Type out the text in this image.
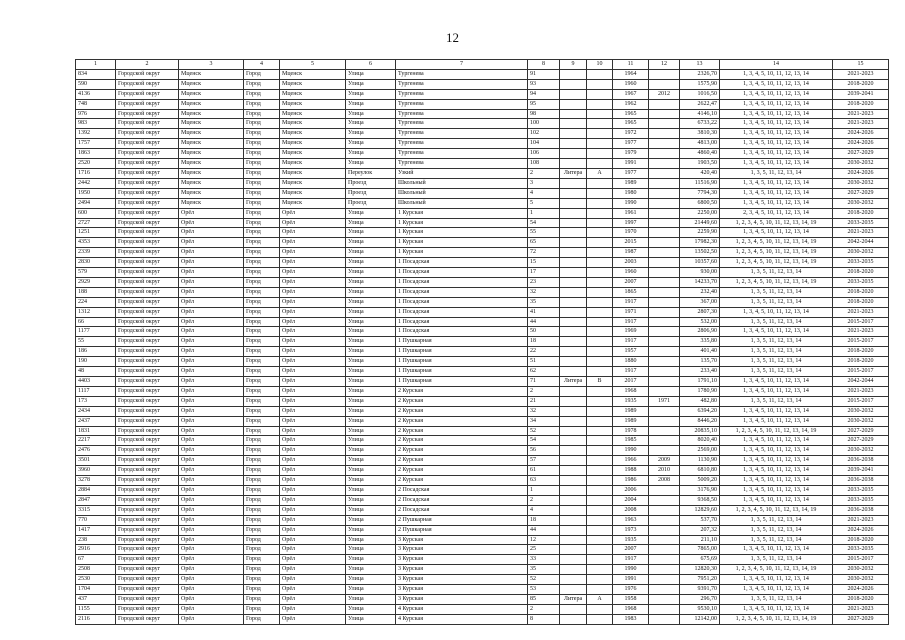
12
1	2	3	4	5	6	7	8	9	10	11	12	13	14	15
834	Городской округ	Мценск	Город	Мценск	Улица	Тургенева	91			1964		2326,70	1, 3, 4, 5, 10, 11, 12, 13, 14	2021-2023
590	Городской округ	Мценск	Город	Мценск	Улица	Тургенева	93			1960		1575,90	1, 3, 4, 5, 10, 11, 12, 13, 14	2018-2020
4136	Городской округ	Мценск	Город	Мценск	Улица	Тургенева	94			1967	2012	1016,50	1, 3, 4, 5, 10, 11, 12, 13, 14	2039-2041
748	Городской округ	Мценск	Город	Мценск	Улица	Тургенева	95			1962		2622,47	1, 3, 4, 5, 10, 11, 12, 13, 14	2018-2020
976	Городской округ	Мценск	Город	Мценск	Улица	Тургенева	98			1965		4146,10	1, 3, 4, 5, 10, 11, 12, 13, 14	2021-2023
983	Городской округ	Мценск	Город	Мценск	Улица	Тургенева	100			1965		6733,22	1, 3, 4, 5, 10, 11, 12, 13, 14	2021-2023
1392	Городской округ	Мценск	Город	Мценск	Улица	Тургенева	102			1972		3810,30	1, 3, 4, 5, 10, 11, 12, 13, 14	2024-2026
1757	Городской округ	Мценск	Город	Мценск	Улица	Тургенева	104			1977		4813,00	1, 3, 4, 5, 10, 11, 12, 13, 14	2024-2026
1863	Городской округ	Мценск	Город	Мценск	Улица	Тургенева	106			1979		4860,40	1, 3, 4, 5, 10, 11, 12, 13, 14	2027-2029
2520	Городской округ	Мценск	Город	Мценск	Улица	Тургенева	108			1991		1903,50	1, 3, 4, 5, 10, 11, 12, 13, 14	2030-2032
1716	Городской округ	Мценск	Город	Мценск	Переулок	Узкий	2	Литера	А	1977		420,40	1, 3, 5, 11, 12, 13, 14	2024-2026
2442	Городской округ	Мценск	Город	Мценск	Проезд	Школьный	3			1989		11516,90	1, 3, 4, 5, 10, 11, 12, 13, 14	2030-2032
1950	Городской округ	Мценск	Город	Мценск	Проезд	Школьный	4			1980		7794,30	1, 3, 4, 5, 10, 11, 12, 13, 14	2027-2029
2494	Городской округ	Мценск	Город	Мценск	Проезд	Школьный	5			1990		6800,50	1, 3, 4, 5, 10, 11, 12, 13, 14	2030-2032
600	Городской округ	Орёл	Город	Орёл	Улица	1 Курская	1			1961		2250,00	2, 3, 4, 5, 10, 11, 12, 13, 14	2018-2020
2727	Городской округ	Орёл	Город	Орёл	Улица	1 Курская	54			1997		21449,60	1, 2, 3, 4, 5, 10, 11, 12, 13, 14, 19	2033-2035
1251	Городской округ	Орёл	Город	Орёл	Улица	1 Курская	55			1970		2259,90	1, 3, 4, 5, 10, 11, 12, 13, 14	2021-2023
4353	Городской округ	Орёл	Город	Орёл	Улица	1 Курская	65			2015		17982,30	1, 2, 3, 4, 5, 10, 11, 12, 13, 14, 19	2042-2044
2339	Городской округ	Орёл	Город	Орёл	Улица	1 Курская	72			1987		13502,50	1, 2, 3, 4, 5, 10, 11, 12, 13, 14, 19	2030-2032
2830	Городской округ	Орёл	Город	Орёл	Улица	1 Посадская	15			2003		10357,60	1, 2, 3, 4, 5, 10, 11, 12, 13, 14, 19	2033-2035
579	Городской округ	Орёл	Город	Орёл	Улица	1 Посадская	17			1960		930,00	1, 3, 5, 11, 12, 13, 14	2018-2020
2929	Городской округ	Орёл	Город	Орёл	Улица	1 Посадская	23			2007		14233,70	1, 2, 3, 4, 5, 10, 11, 12, 13, 14, 19	2033-2035
188	Городской округ	Орёл	Город	Орёл	Улица	1 Посадская	32			1865		232,40	1, 3, 5, 11, 12, 13, 14	2018-2020
224	Городской округ	Орёл	Город	Орёл	Улица	1 Посадская	35			1917		367,00	1, 3, 5, 11, 12, 13, 14	2018-2020
1312	Городской округ	Орёл	Город	Орёл	Улица	1 Посадская	41			1971		2807,30	1, 3, 4, 5, 10, 11, 12, 13, 14	2021-2023
66	Городской округ	Орёл	Город	Орёл	Улица	1 Посадская	44			1917		532,00	1, 3, 5, 11, 12, 13, 14	2015-2017
1177	Городской округ	Орёл	Город	Орёл	Улица	1 Посадская	50			1969		2806,90	1, 3, 4, 5, 10, 11, 12, 13, 14	2021-2023
55	Городской округ	Орёл	Город	Орёл	Улица	1 Пушкарная	18			1917		335,80	1, 3, 5, 11, 12, 13, 14	2015-2017
186	Городской округ	Орёл	Город	Орёл	Улица	1 Пушкарная	22			1957		401,40	1, 3, 5, 11, 12, 13, 14	2018-2020
190	Городской округ	Орёл	Город	Орёл	Улица	1 Пушкарная	51			1880		135,70	1, 3, 5, 11, 12, 13, 14	2018-2020
48	Городской округ	Орёл	Город	Орёл	Улица	1 Пушкарная	62			1917		233,40	1, 3, 5, 11, 12, 13, 14	2015-2017
4403	Городской округ	Орёл	Город	Орёл	Улица	1 Пушкарная	71	Литера	В	2017		1791,10	1, 3, 4, 5, 10, 11, 12, 13, 14	2042-2044
1117	Городской округ	Орёл	Город	Орёл	Улица	2 Курская	2			1968		1780,90	1, 3, 4, 5, 10, 11, 12, 13, 14	2021-2023
173	Городской округ	Орёл	Город	Орёл	Улица	2 Курская	21			1935	1971	482,80	1, 3, 5, 11, 12, 13, 14	2015-2017
2434	Городской округ	Орёл	Город	Орёл	Улица	2 Курская	32			1989		6394,20	1, 3, 4, 5, 10, 11, 12, 13, 14	2030-2032
2437	Городской округ	Орёл	Город	Орёл	Улица	2 Курская	34			1989		8446,20	1, 3, 4, 5, 10, 11, 12, 13, 14	2030-2032
1831	Городской округ	Орёл	Город	Орёл	Улица	2 Курская	52			1978		20835,10	1, 2, 3, 4, 5, 10, 11, 12, 13, 14, 19	2027-2029
2217	Городской округ	Орёл	Город	Орёл	Улица	2 Курская	54			1985		8020,40	1, 3, 4, 5, 10, 11, 12, 13, 14	2027-2029
2476	Городской округ	Орёл	Город	Орёл	Улица	2 Курская	56			1990		2569,00	1, 3, 4, 5, 10, 11, 12, 13, 14	2030-2032
3501	Городской округ	Орёл	Город	Орёл	Улица	2 Курская	57			1966	2009	1130,90	1, 3, 4, 5, 10, 11, 12, 13, 14	2036-2038
3960	Городской округ	Орёл	Город	Орёл	Улица	2 Курская	61			1988	2010	6810,80	1, 3, 4, 5, 10, 11, 12, 13, 14	2039-2041
3278	Городской округ	Орёл	Город	Орёл	Улица	2 Курская	63			1986	2008	5009,20	1, 3, 4, 5, 10, 11, 12, 13, 14	2036-2038
2884	Городской округ	Орёл	Город	Орёл	Улица	2 Посадская	1			2006		3176,90	1, 3, 4, 5, 10, 11, 12, 13, 14	2033-2035
2847	Городской округ	Орёл	Город	Орёл	Улица	2 Посадская	2			2004		9368,50	1, 3, 4, 5, 10, 11, 12, 13, 14	2033-2035
3315	Городской округ	Орёл	Город	Орёл	Улица	2 Посадская	4			2008		12829,60	1, 2, 3, 4, 5, 10, 11, 12, 13, 14, 19	2036-2038
770	Городской округ	Орёл	Город	Орёл	Улица	2 Пушкарная	18			1963		537,70	1, 3, 5, 11, 12, 13, 14	2021-2023
1417	Городской округ	Орёл	Город	Орёл	Улица	2 Пушкарная	44			1973		207,32	1, 3, 5, 11, 12, 13, 14	2024-2026
238	Городской округ	Орёл	Город	Орёл	Улица	3 Курская	12			1935		211,10	1, 3, 5, 11, 12, 13, 14	2018-2020
2916	Городской округ	Орёл	Город	Орёл	Улица	3 Курская	25			2007		7865,00	1, 3, 4, 5, 10, 11, 12, 13, 14	2033-2035
67	Городской округ	Орёл	Город	Орёл	Улица	3 Курская	33			1917		675,69	1, 3, 5, 11, 12, 13, 14	2015-2017
2508	Городской округ	Орёл	Город	Орёл	Улица	3 Курская	35			1990		12820,30	1, 2, 3, 4, 5, 10, 11, 12, 13, 14, 19	2030-2032
2530	Городской округ	Орёл	Город	Орёл	Улица	3 Курская	52			1991		7951,20	1, 3, 4, 5, 10, 11, 12, 13, 14	2030-2032
1704	Городской округ	Орёл	Город	Орёл	Улица	3 Курская	53			1976		9391,70	1, 3, 4, 5, 10, 11, 12, 13, 14	2024-2026
437	Городской округ	Орёл	Город	Орёл	Улица	3 Курская	85	Литера	А	1958		296,70	1, 3, 5, 11, 12, 13, 14	2018-2020
1155	Городской округ	Орёл	Город	Орёл	Улица	4 Курская	2			1968		9530,10	1, 3, 4, 5, 10, 11, 12, 13, 14	2021-2023
2116	Городской округ	Орёл	Город	Орёл	Улица	4 Курская	8			1983		12142,00	1, 2, 3, 4, 5, 10, 11, 12, 13, 14, 19	2027-2029
